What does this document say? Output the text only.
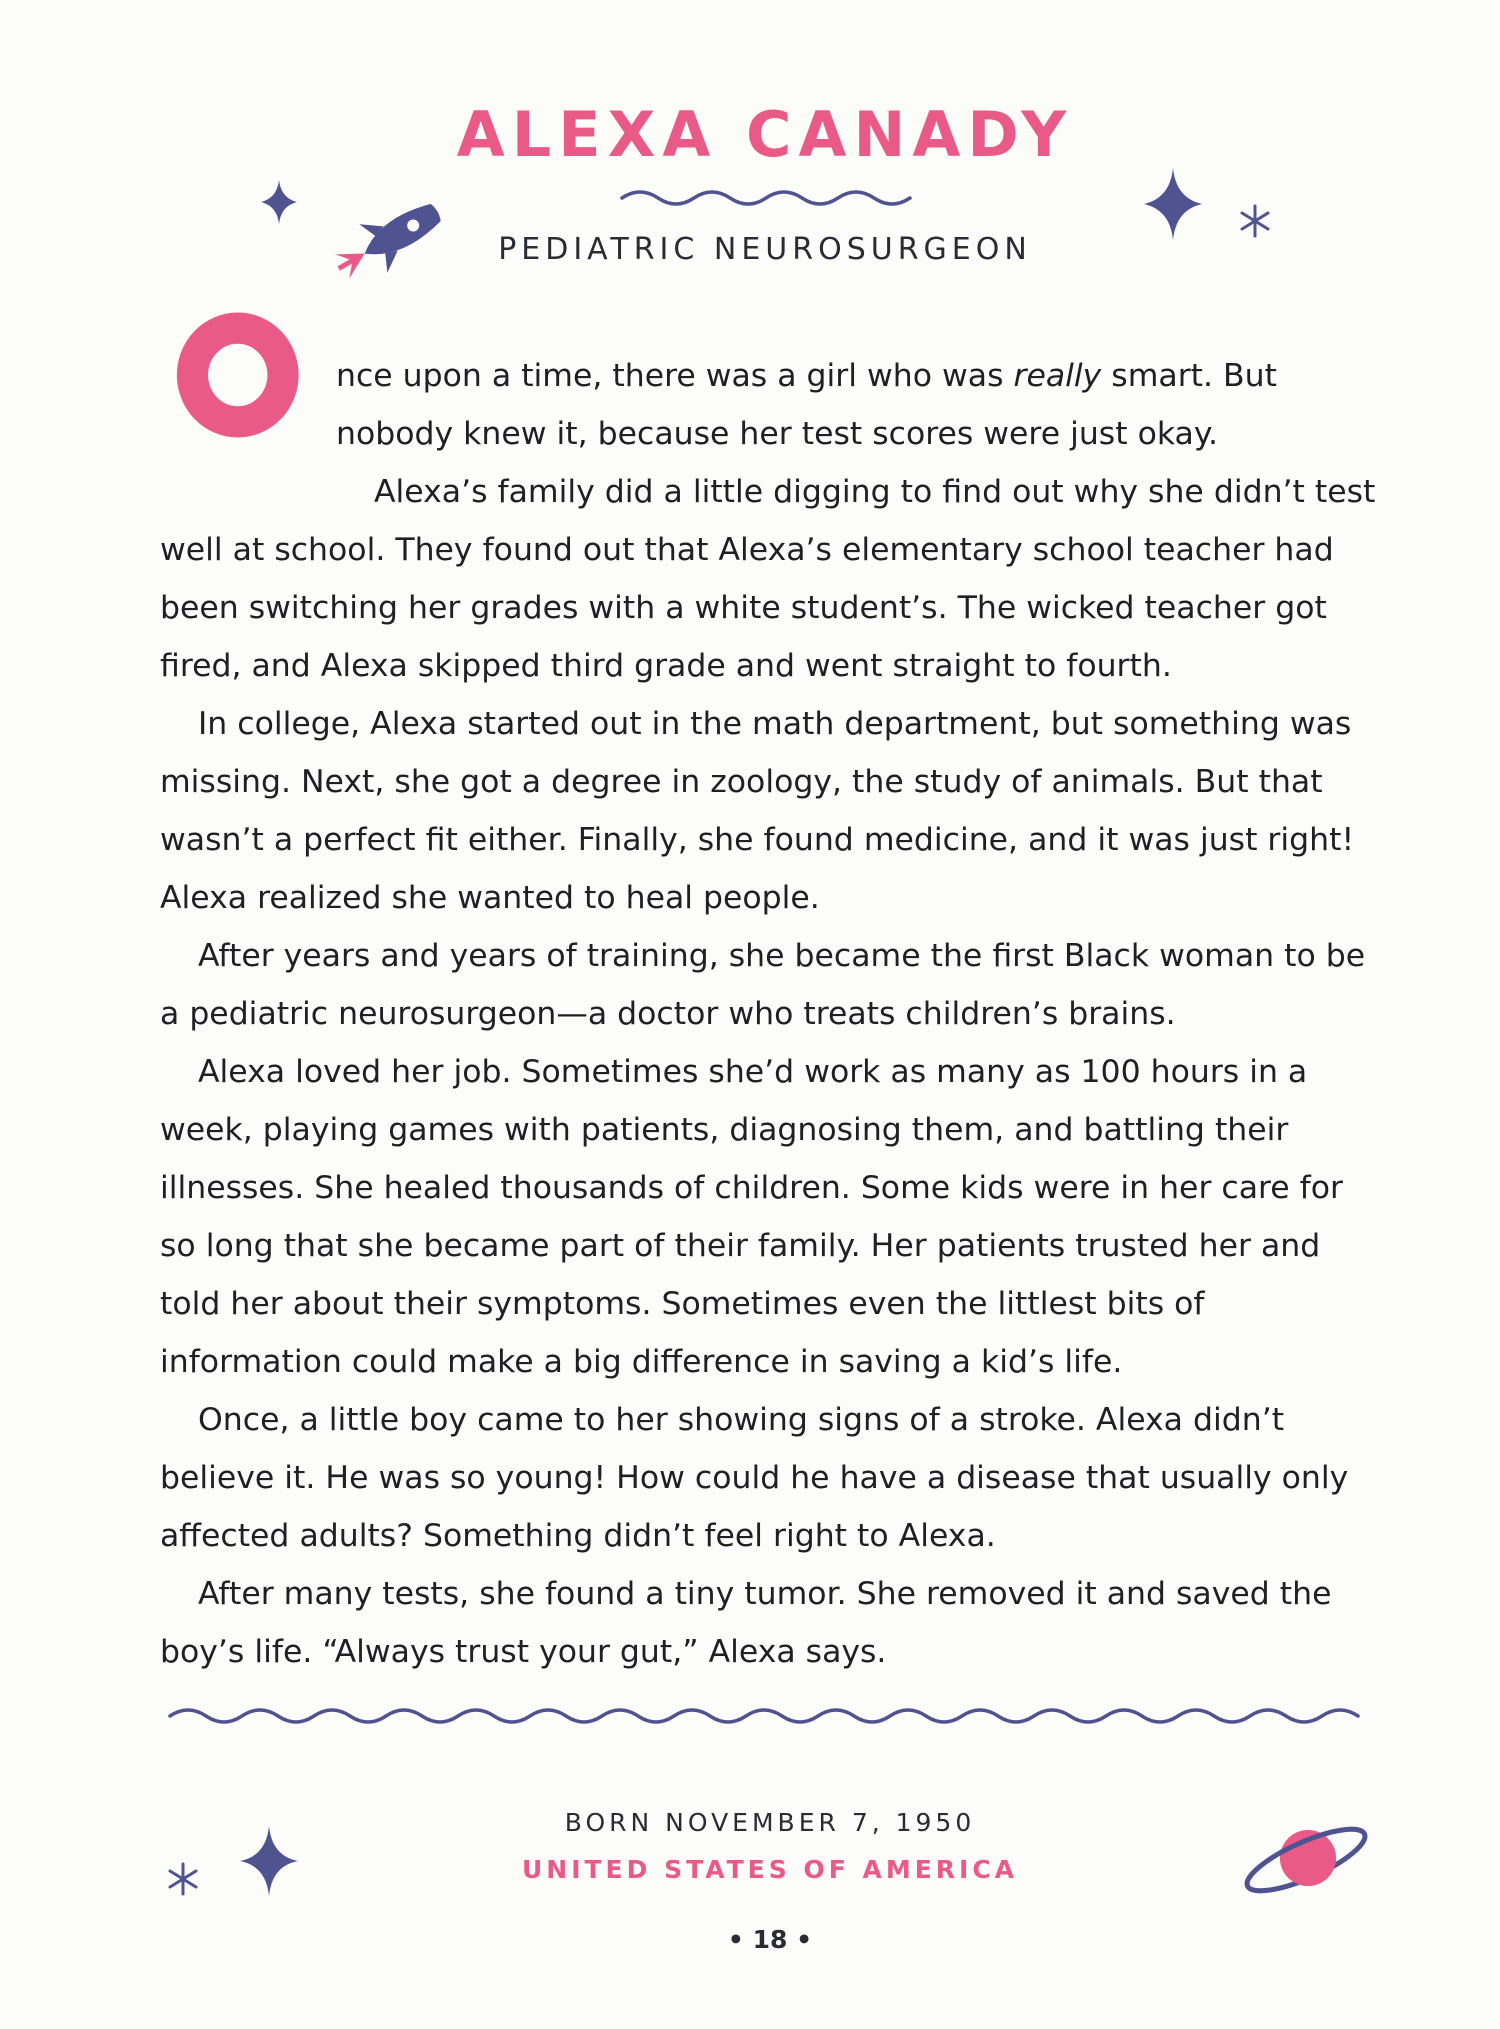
ALEXA CANADY
PEDIATRIC NEUROSURGEON
O

nce upon a time, there was a girl who was really smart. But nobody knew it, because her test scores were just okay.

Alexa’s family did a little digging to find out why she didn’t test well at school. They found out that Alexa’s elementary school teacher had been switching her grades with a white student’s. The wicked teacher got fired, and Alexa skipped third grade and went straight to fourth.

In college, Alexa started out in the math department, but something was missing. Next, she got a degree in zoology, the study of animals. But that wasn’t a perfect fit either. Finally, she found medicine, and it was just right! Alexa realized she wanted to heal people.

After years and years of training, she became the first Black woman to be a pediatric neurosurgeon—a doctor who treats children’s brains.

Alexa loved her job. Sometimes she’d work as many as 100 hours in a week, playing games with patients, diagnosing them, and battling their illnesses. She healed thousands of children. Some kids were in her care for so long that she became part of their family. Her patients trusted her and told her about their symptoms. Sometimes even the littlest bits of information could make a big difference in saving a kid’s life.

Once, a little boy came to her showing signs of a stroke. Alexa didn’t believe it. He was so young! How could he have a disease that usually only affected adults? Something didn’t feel right to Alexa.

After many tests, she found a tiny tumor. She removed it and saved the boy’s life. “Always trust your gut,” Alexa says.

BORN NOVEMBER 7, 1950
UNITED STATES OF AMERICA
• 18 •
